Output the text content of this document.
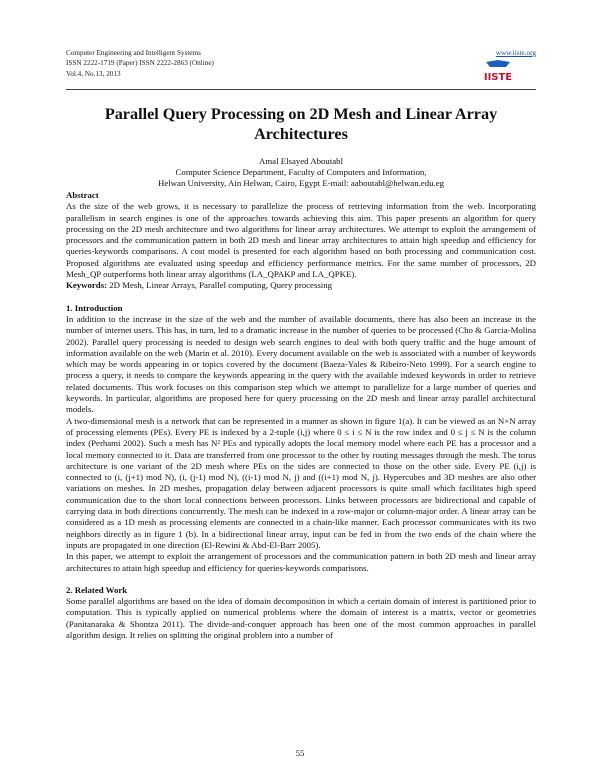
Computer Engineering and Intelligent Systems
ISSN 2222-1719 (Paper) ISSN 2222-2863 (Online)
Vol.4, No.13, 2013
www.iiste.org
IISTE
Parallel Query Processing on 2D Mesh and Linear Array Architectures
Amal Elsayed Aboutabl
Computer Science Department, Faculty of Computers and Information,
Helwan University, Ain Helwan, Cairo, Egypt E-mail: aaboutabl@helwan.edu.eg
Abstract

As the size of the web grows, it is necessary to parallelize the process of retrieving information from the web. Incorporating parallelism in search engines is one of the approaches towards achieving this aim. This paper presents an algorithm for query processing on the 2D mesh architecture and two algorithms for linear array architectures. We attempt to exploit the arrangement of processors and the communication pattern in both 2D mesh and linear array architectures to attain high speedup and efficiency for queries-keywords comparisons. A cost model is presented for each algorithm based on both processing and communication cost. Proposed algorithms are evaluated using speedup and efficiency performance metrics. For the same number of processors, 2D Mesh_QP outperforms both linear array algorithms (LA_QPAKP and LA_QPKE).

Keywords: 2D Mesh, Linear Arrays, Parallel computing, Query processing

1. Introduction

In addition to the increase in the size of the web and the number of available documents, there has also been an increase in the number of internet users. This has, in turn, led to a dramatic increase in the number of queries to be processed (Cho & Garcia-Molina 2002). Parallel query processing is needed to design web search engines to deal with both query traffic and the huge amount of information available on the web (Marin et al. 2010). Every document available on the web is associated with a number of keywords which may be words appearing in or topics covered by the document (Baeza-Yales & Ribeiro-Neto 1999). For a search engine to process a query, it needs to compare the keywords appearing in the query with the available indexed keywords in order to retrieve related documents. This work focuses on this comparison step which we attempt to parallelize for a large number of queries and keywords. In particular, algorithms are proposed here for query processing on the 2D mesh and linear array parallel architectural models.

A two-dimensional mesh is a network that can be represented in a manner as shown in figure 1(a). It can be viewed as an N×N array of processing elements (PEs). Every PE is indexed by a 2-tuple (i,j) where 0 ≤ i ≤ N is the row index and 0 ≤ j ≤ N is the column index (Perhami 2002). Such a mesh has N² PEs and typically adopts the local memory model where each PE has a processor and a local memory connected to it. Data are transferred from one processor to the other by routing messages through the mesh. The torus architecture is one variant of the 2D mesh where PEs on the sides are connected to those on the other side. Every PE (i,j) is connected to (i, (j+1) mod N), (i, (j-1) mod N), ((i-1) mod N, j) and ((i+1) mod N, j). Hypercubes and 3D meshes are also other variations on meshes. In 2D meshes, propagation delay between adjacent processors is quite small which facilitates high speed communication due to the short local connections between processors. Links between processors are bidirectional and capable of carrying data in both directions concurrently. The mesh can be indexed in a row-major or column-major order. A linear array can be considered as a 1D mesh as processing elements are connected in a chain-like manner. Each processor communicates with its two neighbors directly as in figure 1 (b). In a bidirectional linear array, input can be fed in from the two ends of the chain where the inputs are propagated in one direction (El-Rewini & Abd-El-Barr 2005).

In this paper, we attempt to exploit the arrangement of processors and the communication pattern in both 2D mesh and linear array architectures to attain high speedup and efficiency for queries-keywords comparisons.

2. Related Work

Some parallel algorithms are based on the idea of domain decomposition in which a certain domain of interest is partitioned prior to computation. This is typically applied on numerical problems where the domain of interest is a matrix, vector or geometries (Panitanaraka & Shontza 2011). The divide-and-conquer approach has been one of the most common approaches in parallel algorithm design. It relies on splitting the original problem into a number of

55
